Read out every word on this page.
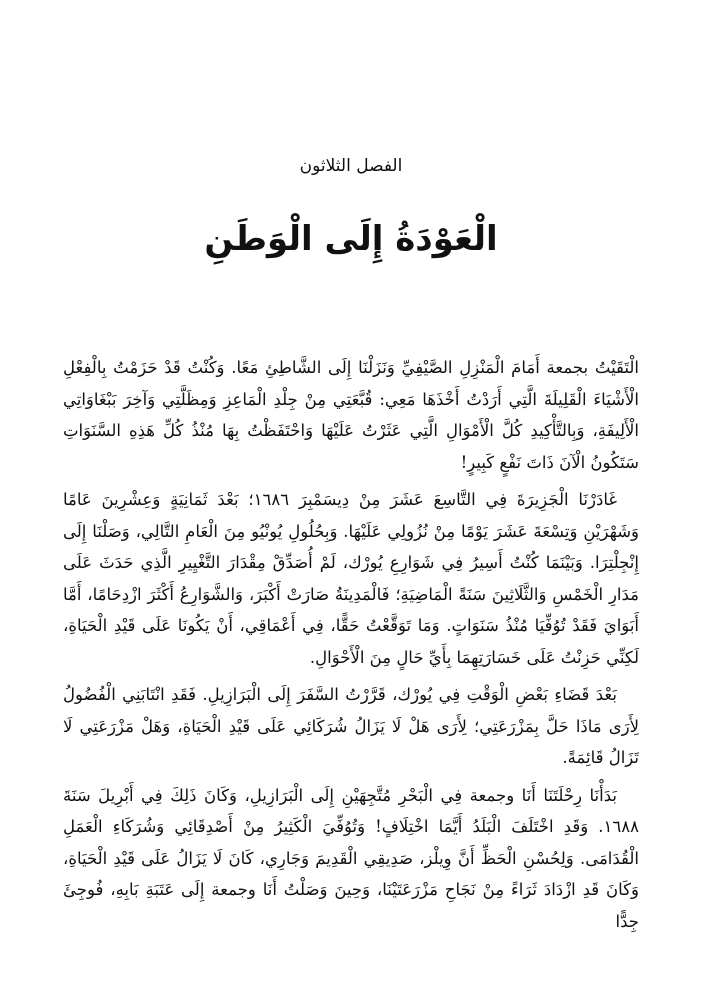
الفصل الثلاثون
الْعَوْدَةُ إِلَى الْوَطَنِ

الْتَقَيْتُ بجمعة أَمَامَ الْمَنْزِلِ الصَّيْفِيِّ وَنَزَلْنَا إِلَى الشَّاطِئِ مَعًا. وَكُنْتُ قَدْ حَزَمْتُ بِالْفِعْلِ الْأَشْيَاءَ الْقَلِيلَةَ الَّتِي أَرَدْتُ أَخْذَهَا مَعِي: قُبَّعَتِي مِنْ جِلْدِ الْمَاعِزِ وَمِظَلَّتِي وَآخِرَ بَبْغَاوَاتِي الْأَلِيفَةِ، وَبِالتَّأْكِيدِ كُلَّ الْأَمْوَالِ الَّتِي عَثَرْتُ عَلَيْهَا وَاحْتَفَظْتُ بِهَا مُنْذُ كُلِّ هَذِهِ السَّنَوَاتِ سَتَكُونُ الْآنَ ذَاتَ نَفْعٍ كَبِيرٍ!

غَادَرْنَا الْجَزِيرَةَ فِي التَّاسِعَ عَشَرَ مِنْ دِيسَمْبِرَ ١٦٨٦؛ بَعْدَ ثَمَانِيَةٍ وَعِشْرِينَ عَامًا وَشَهْرَيْنِ وَتِسْعَةَ عَشَرَ يَوْمًا مِنْ نُزُولِي عَلَيْهَا. وَبِحُلُولِ يُونْيُو مِنَ الْعَامِ التَّالِي، وَصَلْنَا إِلَى إِنْجِلْتِرَا. وَبَيْنَمَا كُنْتُ أَسِيرُ فِي شَوَارِعِ يُورْك، لَمْ أُصَدِّقْ مِقْدَارَ التَّغْيِيرِ الَّذِي حَدَثَ عَلَى مَدَارِ الْخَمْسِ وَالثَّلَاثِينَ سَنَةً الْمَاضِيَةِ؛ فَالْمَدِينَةُ صَارَتْ أَكْبَرَ، وَالشَّوَارِعُ أَكْثَرَ ازْدِحَامًا، أَمَّا أَبَوَايَ فَقَدْ تُوُفِّيَا مُنْذُ سَنَوَاتٍ. وَمَا تَوَقَّعْتُ حَقًّا، فِي أَعْمَاقِي، أَنْ يَكُونَا عَلَى قَيْدِ الْحَيَاةِ، لَكِنِّي حَزِنْتُ عَلَى خَسَارَتِهِمَا بِأَيِّ حَالٍ مِنَ الْأَحْوَالِ.

بَعْدَ قَضَاءِ بَعْضِ الْوَقْتِ فِي يُورْك، قَرَّرْتُ السَّفَرَ إِلَى الْبَرَازِيلِ. فَقَدِ انْتَابَنِي الْفُضُولُ لِأَرَى مَاذَا حَلَّ بِمَزْرَعَتِي؛ لِأَرَى هَلْ لَا يَزَالُ شُرَكَائِي عَلَى قَيْدِ الْحَيَاةِ، وَهَلْ مَزْرَعَتِي لَا تَزَالُ قَائِمَةً.

بَدَأْنَا رِحْلَتَنَا أَنَا وجمعة فِي الْبَحْرِ مُتَّجِهَيْنِ إِلَى الْبَرَازِيلِ، وَكَانَ ذَلِكَ فِي أَبْرِيلَ سَنَةَ ١٦٨٨. وَقَدِ اخْتَلَفَ الْبَلَدُ أَيَّمَا اخْتِلَافٍ! وَتُوُفِّيَ الْكَثِيرُ مِنْ أَصْدِقَائِي وَشُرَكَاءِ الْعَمَلِ الْقُدَامَى. وَلِحُسْنِ الْحَظِّ أَنَّ وِيلْز، صَدِيقِي الْقَدِيمَ وَجَارِي، كَانَ لَا يَزَالُ عَلَى قَيْدِ الْحَيَاةِ، وَكَانَ قَدِ ازْدَادَ ثَرَاءً مِنْ نَجَاحِ مَزْرَعَتَيْنَا، وَحِينَ وَصَلْتُ أَنَا وجمعة إِلَى عَتَبَةِ بَابِهِ، فُوجِئَ جِدًّا
